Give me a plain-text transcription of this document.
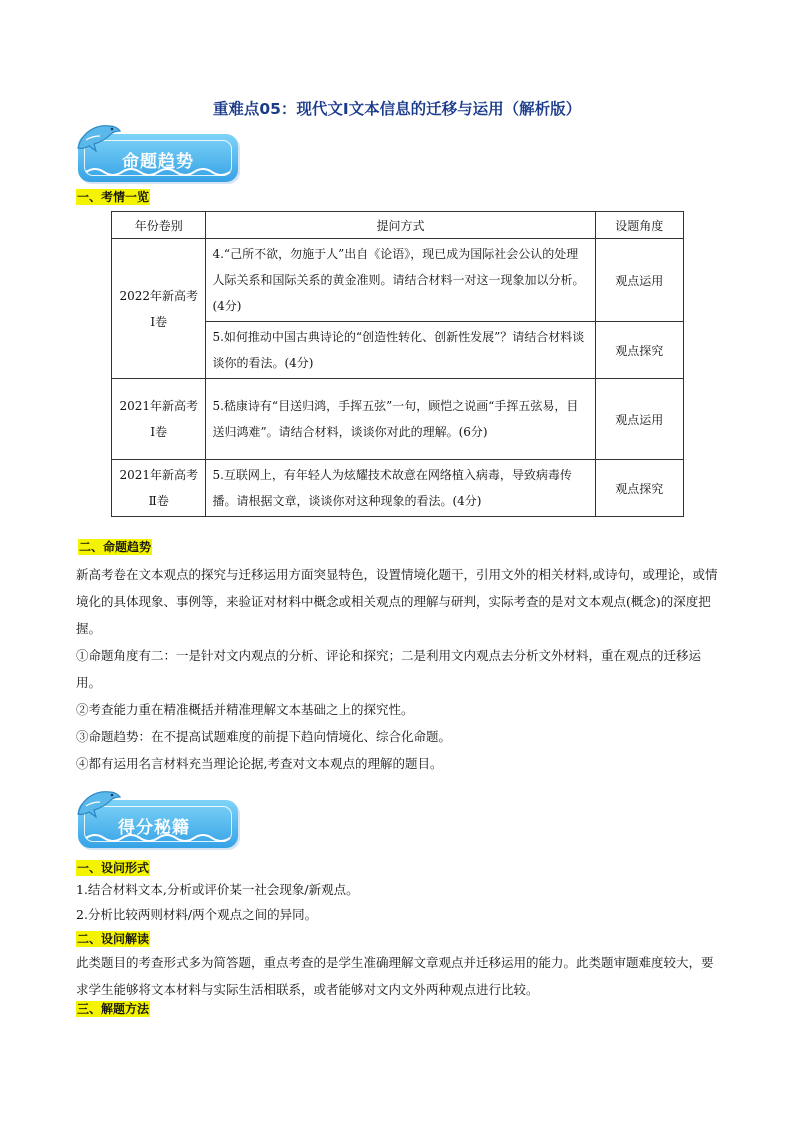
重难点05：现代文Ⅰ文本信息的迁移与运用（解析版）
命题趋势
一、考情一览
年份卷别	提问方式	设题角度
2022年新高考Ⅰ卷	4.“己所不欲，勿施于人”出自《论语》，现已成为国际社会公认的处理人际关系和国际关系的黄金准则。请结合材料一对这一现象加以分析。(4分)	观点运用
	5.如何推动中国古典诗论的“创造性转化、创新性发展”？请结合材料谈谈你的看法。(4分)	观点探究
2021年新高考Ⅰ卷	5.嵇康诗有“目送归鸿，手挥五弦”一句，顾恺之说画“手挥五弦易，目送归鸿难”。请结合材料，谈谈你对此的理解。(6分)	观点运用
2021年新高考Ⅱ卷	5.互联网上，有年轻人为炫耀技术故意在网络植入病毒，导致病毒传播。请根据文章，谈谈你对这种现象的看法。(4分)	观点探究
二、命题趋势
新高考卷在文本观点的探究与迁移运用方面突显特色，设置情境化题干，引用文外的相关材料,或诗句，或理论，或情境化的具体现象、事例等，来验证对材料中概念或相关观点的理解与研判，实际考查的是对文本观点(概念)的深度把握。
①命题角度有二：一是针对文内观点的分析、评论和探究；二是利用文内观点去分析文外材料，重在观点的迁移运用。
②考查能力重在精准概括并精准理解文本基础之上的探究性。
③命题趋势：在不提高试题难度的前提下趋向情境化、综合化命题。
④都有运用名言材料充当理论论据,考查对文本观点的理解的题目。
得分秘籍
一、设问形式
1.结合材料文本,分析或评价某一社会现象/新观点。
2.分析比较两则材料/两个观点之间的异同。
二、设问解读
此类题目的考查形式多为简答题，重点考查的是学生准确理解文章观点并迁移运用的能力。此类题审题难度较大，要求学生能够将文本材料与实际生活相联系，或者能够对文内文外两种观点进行比较。
三、解题方法
